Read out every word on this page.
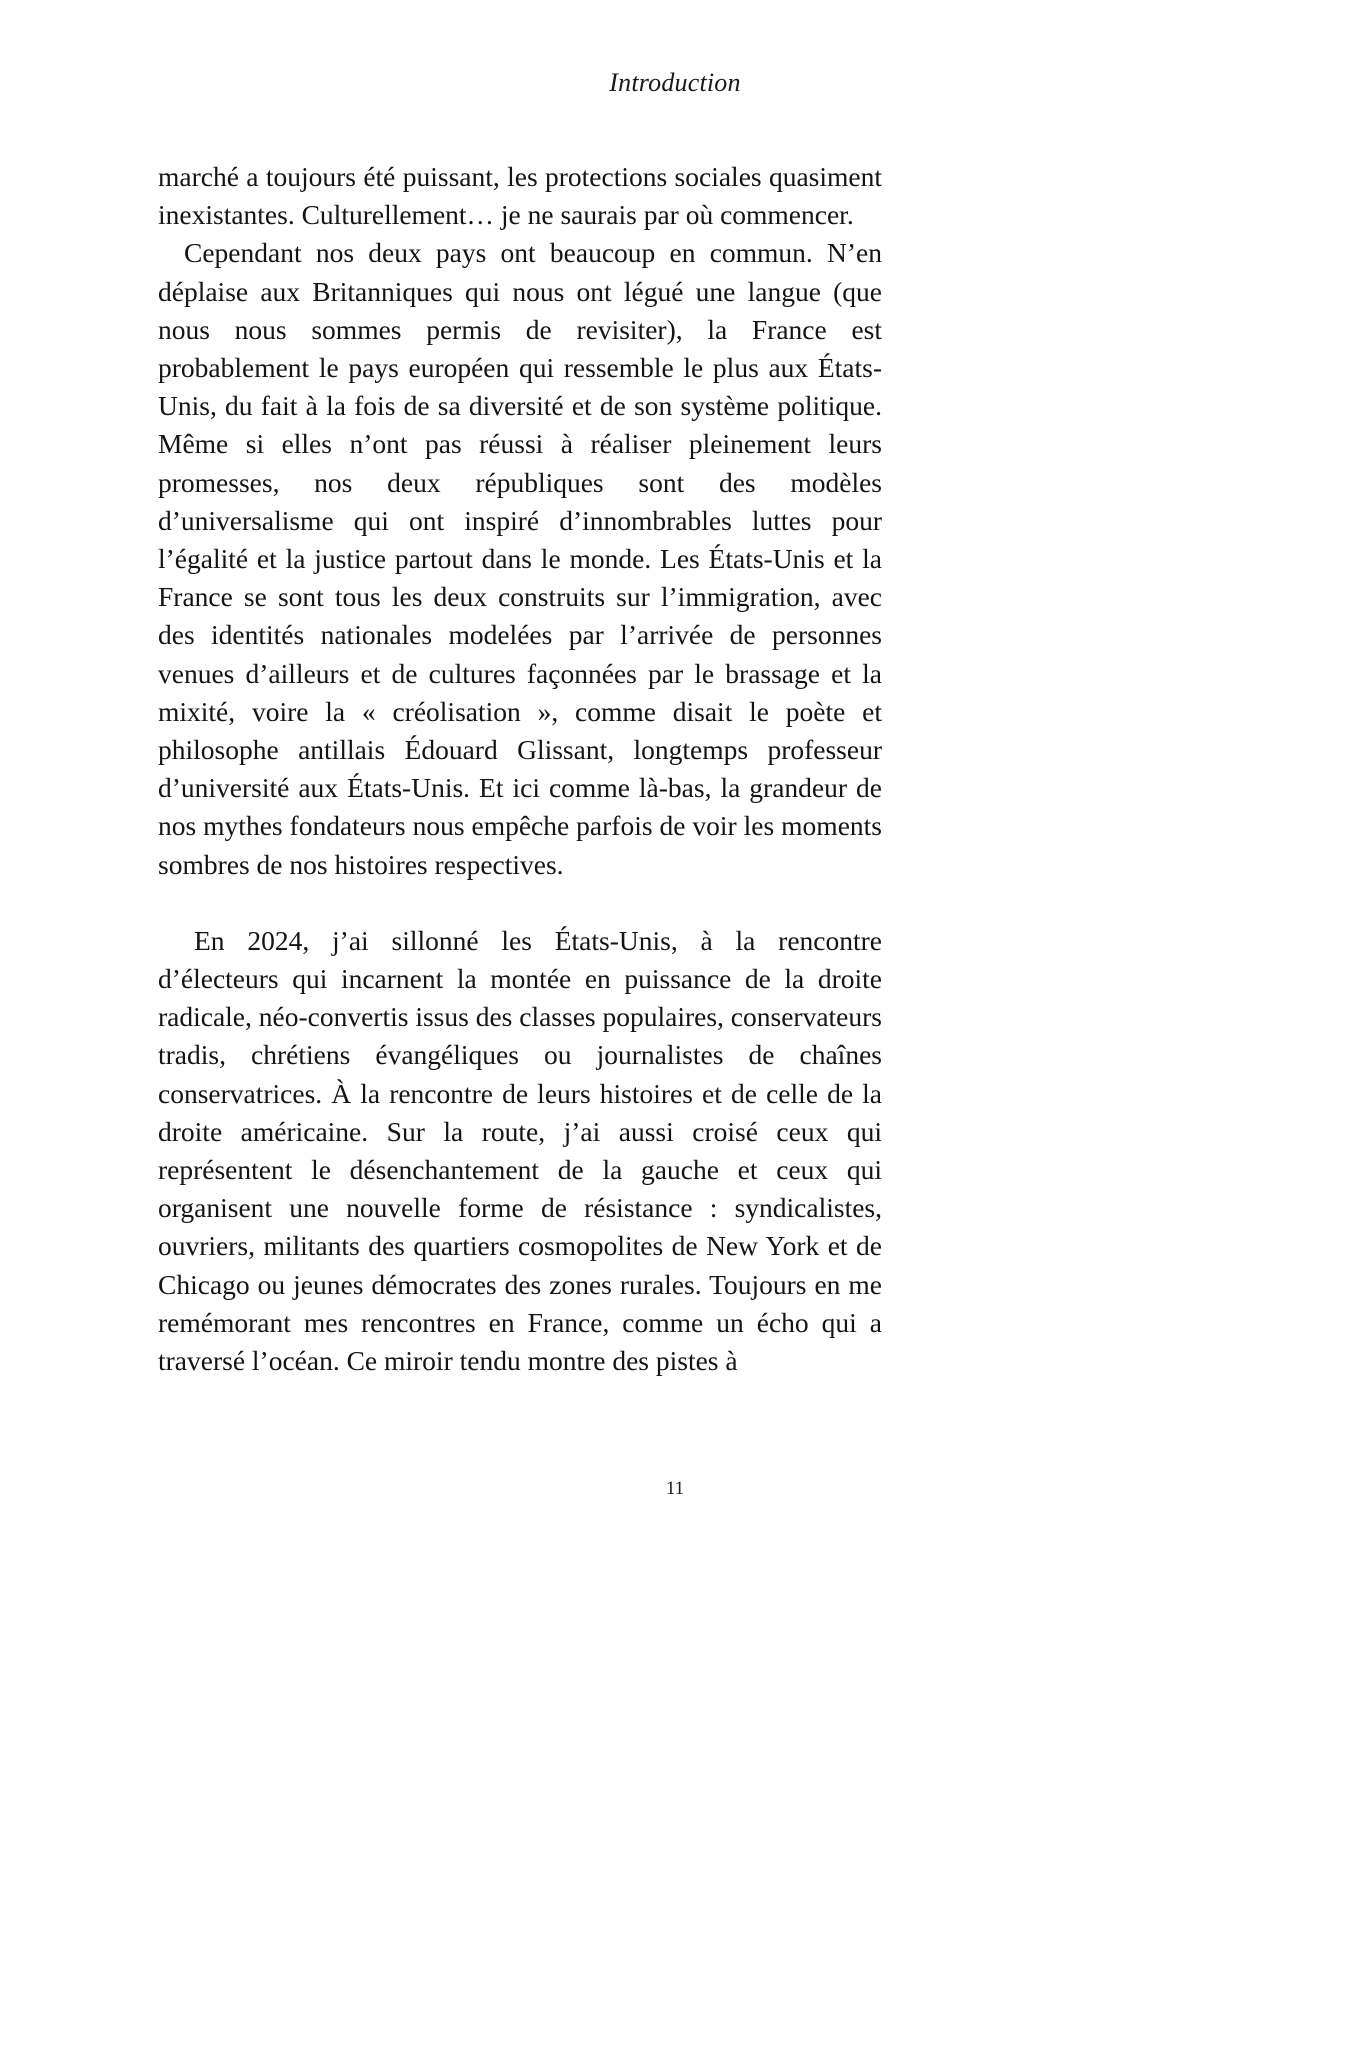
Introduction

marché a toujours été puissant, les protections sociales quasiment inexistantes. Culturellement… je ne saurais par où commencer.

Cependant nos deux pays ont beaucoup en commun. N’en déplaise aux Britanniques qui nous ont légué une langue (que nous nous sommes permis de revisiter), la France est probablement le pays européen qui ressemble le plus aux États-Unis, du fait à la fois de sa diversité et de son système politique. Même si elles n’ont pas réussi à réaliser pleinement leurs promesses, nos deux républiques sont des modèles d’universalisme qui ont inspiré d’innombrables luttes pour l’égalité et la justice partout dans le monde. Les États-Unis et la France se sont tous les deux construits sur l’immigration, avec des identités nationales modelées par l’arrivée de personnes venues d’ailleurs et de cultures façonnées par le brassage et la mixité, voire la « créolisation », comme disait le poète et philosophe antillais Édouard Glissant, longtemps professeur d’université aux États-Unis. Et ici comme là-bas, la grandeur de nos mythes fondateurs nous empêche parfois de voir les moments sombres de nos histoires respectives.

En 2024, j’ai sillonné les États-Unis, à la rencontre d’électeurs qui incarnent la montée en puissance de la droite radicale, néo-convertis issus des classes populaires, conservateurs tradis, chrétiens évangéliques ou journalistes de chaînes conservatrices. À la rencontre de leurs histoires et de celle de la droite américaine. Sur la route, j’ai aussi croisé ceux qui représentent le désenchantement de la gauche et ceux qui organisent une nouvelle forme de résistance : syndicalistes, ouvriers, militants des quartiers cosmopolites de New York et de Chicago ou jeunes démocrates des zones rurales. Toujours en me remémorant mes rencontres en France, comme un écho qui a traversé l’océan. Ce miroir tendu montre des pistes à

11
